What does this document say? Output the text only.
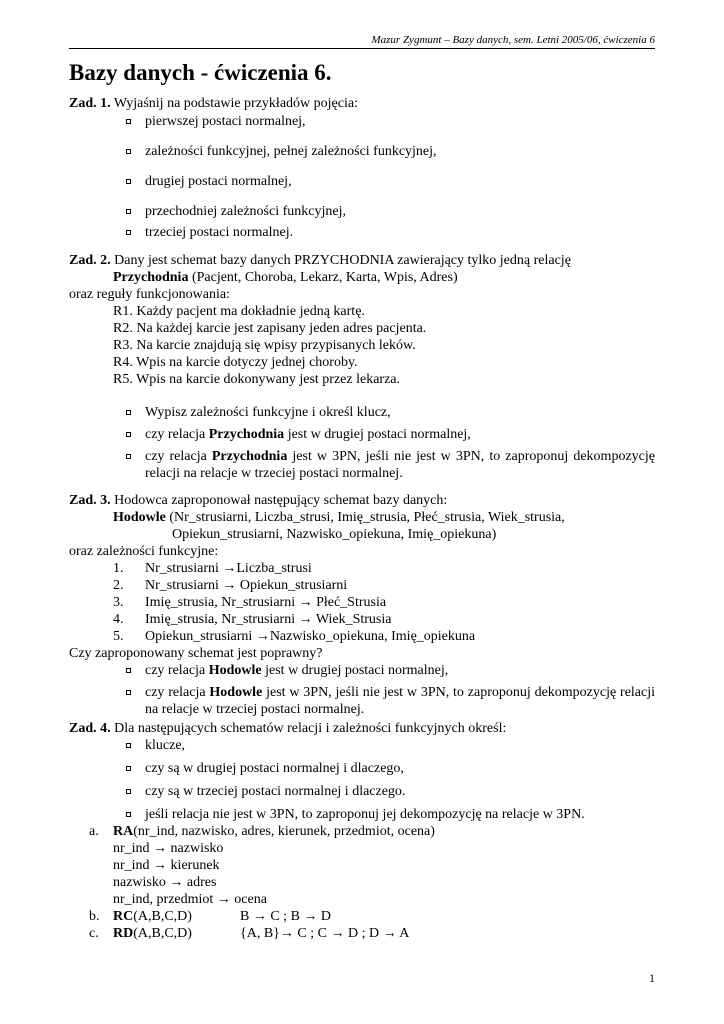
Mazur Zygmunt – Bazy danych, sem. Letni 2005/06, ćwiczenia 6
Bazy danych - ćwiczenia 6.
Zad. 1. Wyjaśnij na podstawie przykładów pojęcia:
pierwszej postaci normalnej,
zależności funkcyjnej, pełnej zależności funkcyjnej,
drugiej postaci normalnej,
przechodniej zależności funkcyjnej,
trzeciej postaci normalnej.
Zad. 2. Dany jest schemat bazy danych PRZYCHODNIA zawierający tylko jedną relację
Przychodnia (Pacjent, Choroba, Lekarz, Karta, Wpis, Adres)
oraz reguły funkcjonowania:
R1. Każdy pacjent ma dokładnie jedną kartę.
R2. Na każdej karcie jest zapisany jeden adres pacjenta.
R3. Na karcie znajdują się wpisy przypisanych leków.
R4. Wpis na karcie dotyczy jednej choroby.
R5. Wpis na karcie dokonywany jest przez lekarza.
Wypisz zależności funkcyjne i określ klucz,
czy relacja Przychodnia jest w drugiej postaci normalnej,
czy relacja Przychodnia jest w 3PN, jeśli nie jest w 3PN, to zaproponuj dekompozycję relacji na relacje w trzeciej postaci normalnej.
Zad. 3. Hodowca zaproponował następujący schemat bazy danych:
Hodowle (Nr_strusiarni, Liczba_strusi, Imię_strusia, Płeć_strusia, Wiek_strusia,
Opiekun_strusiarni, Nazwisko_opiekuna, Imię_opiekuna)
oraz zależności funkcyjne:
1.	Nr_strusiarni →Liczba_strusi
2.	Nr_strusiarni → Opiekun_strusiarni
3.	Imię_strusia, Nr_strusiarni → Płeć_Strusia
4.	Imię_strusia, Nr_strusiarni → Wiek_Strusia
5.	Opiekun_strusiarni →Nazwisko_opiekuna, Imię_opiekuna
Czy zaproponowany schemat jest poprawny?
czy relacja Hodowle jest w drugiej postaci normalnej,
czy relacja Hodowle jest w 3PN, jeśli nie jest w 3PN, to zaproponuj dekompozycję relacji na relacje w trzeciej postaci normalnej.
Zad. 4. Dla następujących schematów relacji i zależności funkcyjnych określ:
klucze,
czy są w drugiej postaci normalnej i dlaczego,
czy są w trzeciej postaci normalnej i dlaczego.
jeśli relacja nie jest w 3PN, to zaproponuj jej dekompozycję na relacje w 3PN.
a.	RA(nr_ind, nazwisko, adres, kierunek, przedmiot, ocena)
nr_ind → nazwisko
nr_ind → kierunek
nazwisko → adres
nr_ind, przedmiot → ocena
b. RC(A,B,C,D)	B → C ; B → D
c.	RD(A,B,C,D)	{A, B}→ C ; C → D ; D → A
1
